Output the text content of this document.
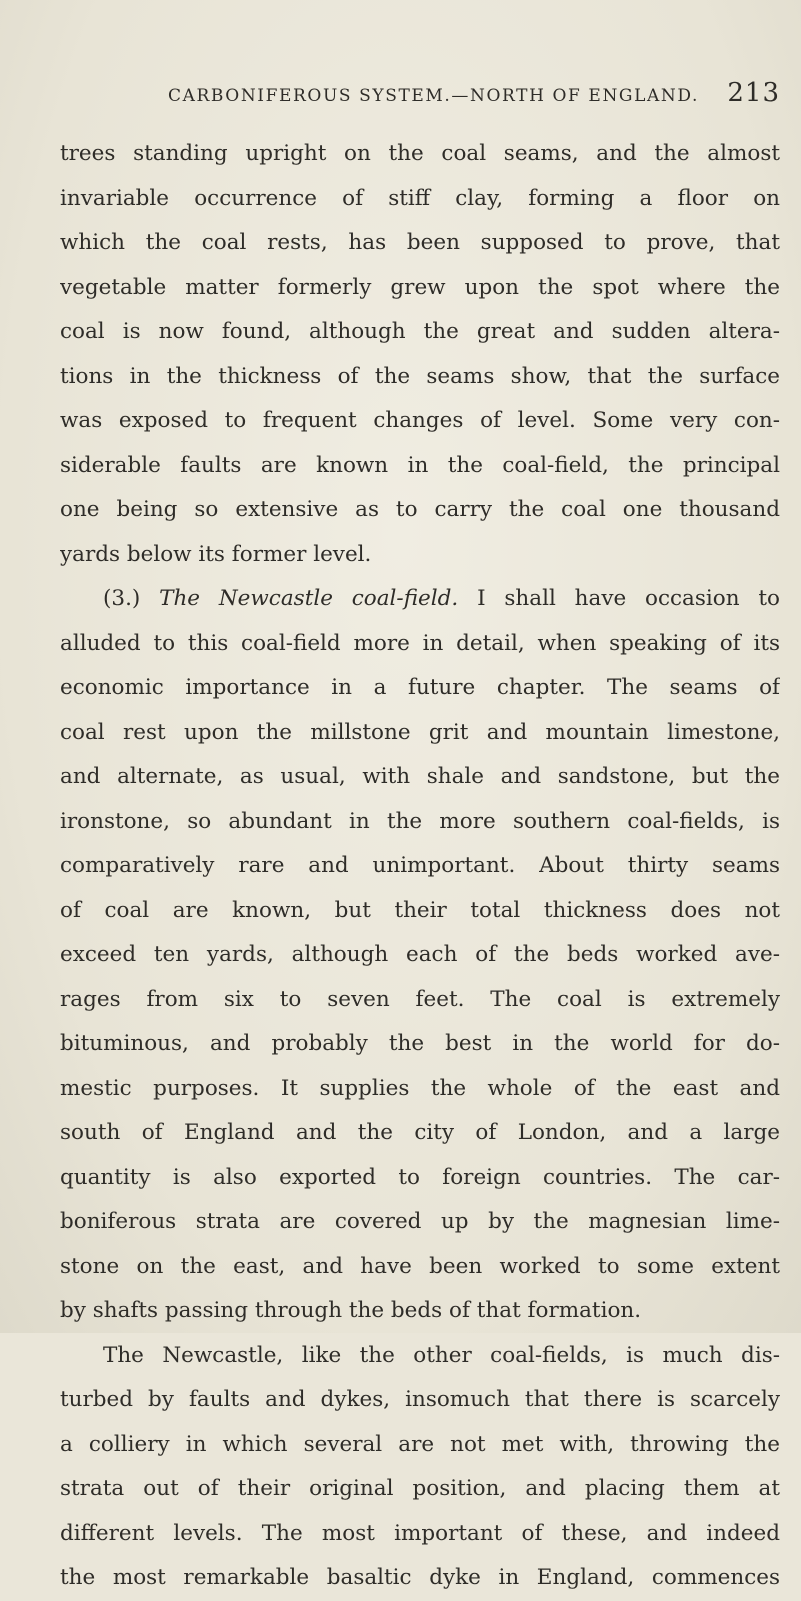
CARBONIFEROUS SYSTEM.—NORTH OF ENGLAND. 213
trees standing upright on the coal seams, and the almost
invariable occurrence of stiff clay, forming a floor on
which the coal rests, has been supposed to prove, that
vegetable matter formerly grew upon the spot where the
coal is now found, although the great and sudden altera-
tions in the thickness of the seams show, that the surface
was exposed to frequent changes of level. Some very con-
siderable faults are known in the coal-field, the principal
one being so extensive as to carry the coal one thousand
yards below its former level.
(3.) The Newcastle coal-field. I shall have occasion to
alluded to this coal-field more in detail, when speaking of its
economic importance in a future chapter. The seams of
coal rest upon the millstone grit and mountain limestone,
and alternate, as usual, with shale and sandstone, but the
ironstone, so abundant in the more southern coal-fields, is
comparatively rare and unimportant. About thirty seams
of coal are known, but their total thickness does not
exceed ten yards, although each of the beds worked ave-
rages from six to seven feet. The coal is extremely
bituminous, and probably the best in the world for do-
mestic purposes. It supplies the whole of the east and
south of England and the city of London, and a large
quantity is also exported to foreign countries. The car-
boniferous strata are covered up by the magnesian lime-
stone on the east, and have been worked to some extent
by shafts passing through the beds of that formation.
The Newcastle, like the other coal-fields, is much dis-
turbed by faults and dykes, insomuch that there is scarcely
a colliery in which several are not met with, throwing the
strata out of their original position, and placing them at
different levels. The most important of these, and indeed
the most remarkable basaltic dyke in England, commences
